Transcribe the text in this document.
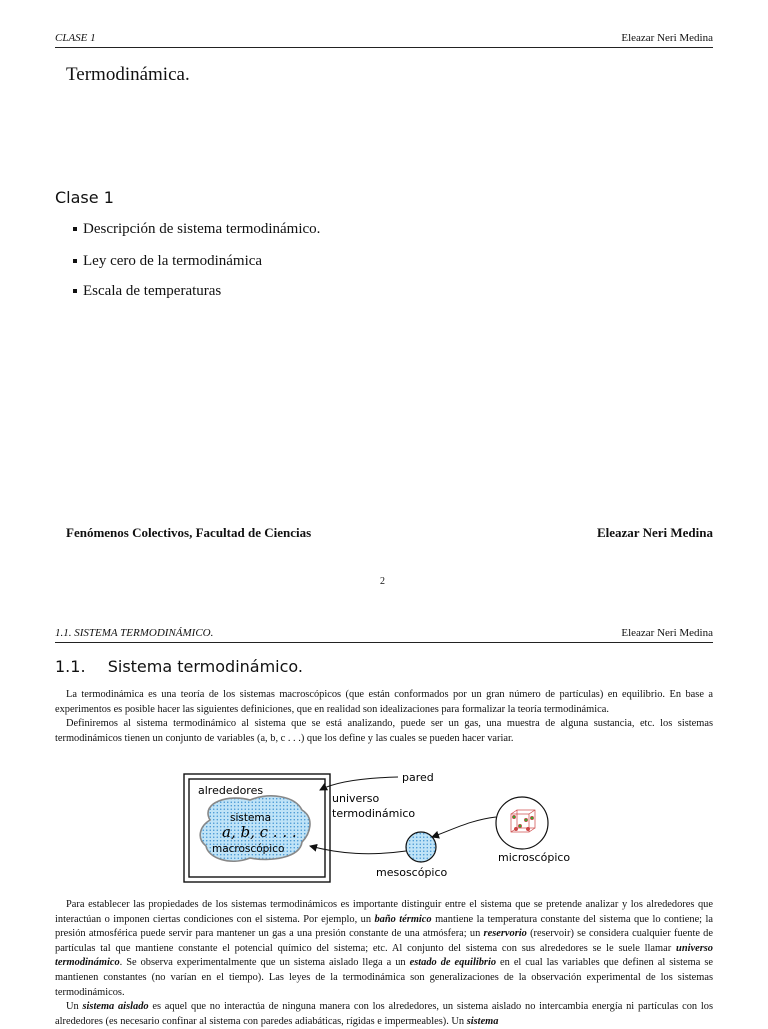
CLASE 1	Eleazar Neri Medina
Termodinámica.
Clase 1
Descripción de sistema termodinámico.
Ley cero de la termodinámica
Escala de temperaturas
Fenómenos Colectivos, Facultad de Ciencias	Eleazar Neri Medina
2
1.1. SISTEMA TERMODINÁMICO.	Eleazar Neri Medina
1.1. Sistema termodinámico.

La termodinámica es una teoría de los sistemas macroscópicos (que están conformados por un gran número de partículas) en equilibrio. En base a experimentos es posible hacer las siguientes definiciones, que en realidad son idealizaciones para formalizar la teoría termodinámica.

Definiremos al sistema termodinámico al sistema que se está analizando, puede ser un gas, una muestra de alguna sustancia, etc. los sistemas termodinámicos tienen un conjunto de variables (a, b, c . . .) que los define y las cuales se pueden hacer variar.

pared
alrededores
universo
termodinámico
sistema
a, b, c . . .
macroscópico
mesoscópico
microscópico

Para establecer las propiedades de los sistemas termodinámicos es importante distinguir entre el sistema que se pretende analizar y los alrededores que interactúan o imponen ciertas condiciones con el sistema. Por ejemplo, un baño térmico mantiene la temperatura constante del sistema que lo contiene; la presión atmosférica puede servir para mantener un gas a una presión constante de una atmósfera; un reservorio (reservoir) se considera cualquier fuente de partículas tal que mantiene constante el potencial químico del sistema; etc. Al conjunto del sistema con sus alrededores se le suele llamar universo termodinámico. Se observa experimentalmente que un sistema aislado llega a un estado de equilibrio en el cual las variables que definen al sistema se mantienen constantes (no varían en el tiempo). Las leyes de la termodinámica son generalizaciones de la observación experimental de los sistemas termodinámicos.

Un sistema aislado es aquel que no interactúa de ninguna manera con los alrededores, un sistema aislado no intercambia energía ni partículas con los alrededores (es necesario confinar al sistema con paredes adiabáticas, rígidas e impermeables). Un sistema
